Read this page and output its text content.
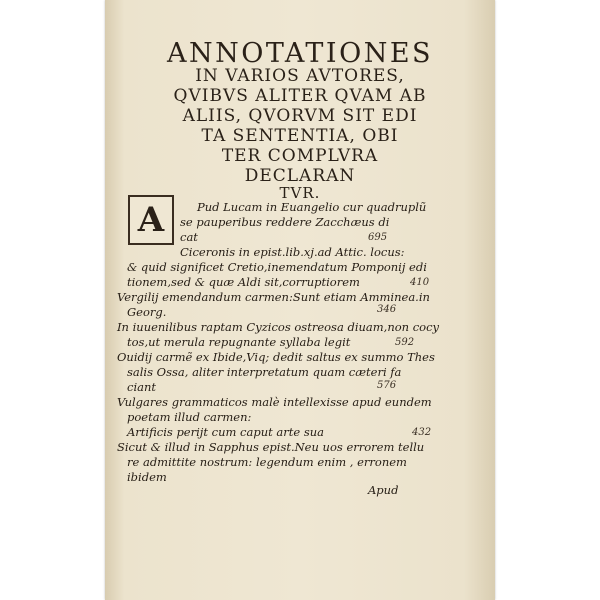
ANNOTATIONES
IN VARIOS AVTORES,
QVIBVS ALITER QVAM AB
ALIIS, QVORVM SIT EDI
TA SENTENTIA, OBI
TER COMPLVRA
DECLARAN
TVR.
A	Pud Lucam in Euangelio cur quadruplũ
se pauperibus reddere Zacchæus di
cat	695
Ciceronis in epist.lib.xj.ad Attic. locus:
& quid significet Cretio,inemendatum Pomponij edi
tionem,sed & quæ Aldi sit,corruptiorem	410
Vergilij emendandum carmen:Sunt etiam Amminea.in
Georg.	346
In iuuenilibus raptam Cyzicos ostreosa diuam,non cocy
tos,ut merula repugnante syllaba legit	592
Ouidij carmẽ ex Ibide,Viq; dedit saltus ex summo Thes
salis Ossa, aliter interpretatum quam cæteri fa
ciant	576
Vulgares grammaticos malè intellexisse apud eundem
poetam illud carmen:
Artificis perijt cum caput arte sua	432
Sicut & illud in Sapphus epist.Neu uos errorem tellu
re admittite nostrum: legendum enim , erronem
ibidem
Apud
